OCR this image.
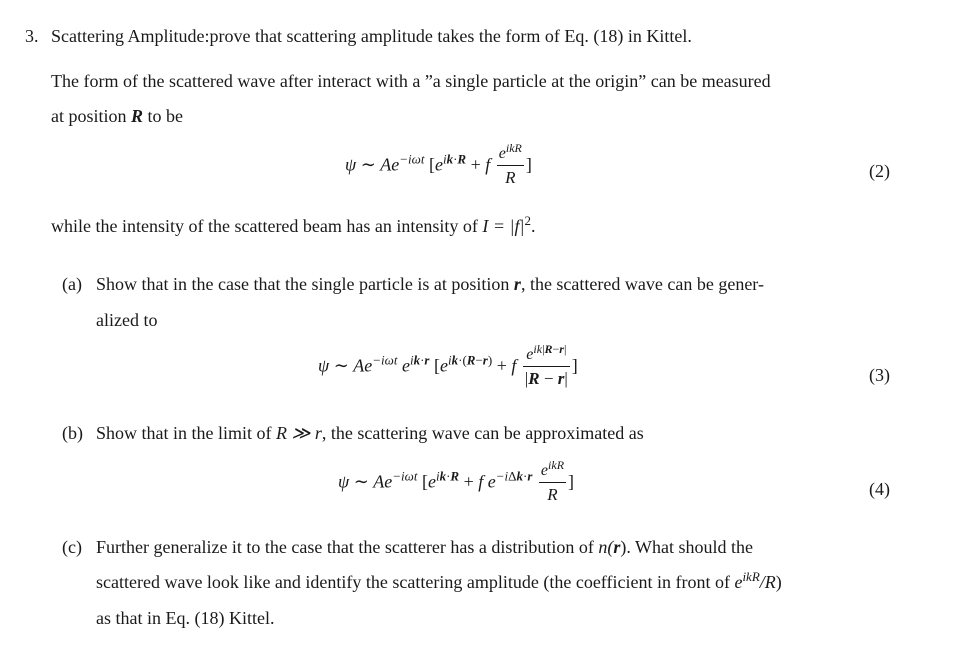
3. Scattering Amplitude:prove that scattering amplitude takes the form of Eq. (18) in Kittel.
The form of the scattered wave after interact with a ”a single particle at the origin” can be measured
at position R to be
ψ ∼ $Ae^{-i\omega t}$ [$e^{ik\cdot R} + f \frac{e^{ikR}}{R}$ ]	(2)
while the intensity of the scattered beam has an intensity of $I = |f|^2$.
(a) Show that in the case that the single particle is at position r, the scattered wave can be gener-
alized to
ψ ∼ $Ae^{-i\omega t}$ $e^{ik\cdot r}$ [$e^{ik\cdot(R-r)} + f \frac{e^{ik|R-r|}}{|R - r|}$ ]	(3)
(b) Show that in the limit of R ≫ r, the scattering wave can be approximated as
ψ ∼ $Ae^{-i\omega t}$ [$e^{ik\cdot R} + f$ $e^{-i\Delta k\cdot r} \frac{e^{ikR}}{R}$ ]	(4)
(c) Further generalize it to the case that the scatterer has a distribution of n(r). What should the
scattered wave look like and identify the scattering amplitude (the coefficient in front of $e^{ikR}/R$)
as that in Eq. (18) Kittel.
